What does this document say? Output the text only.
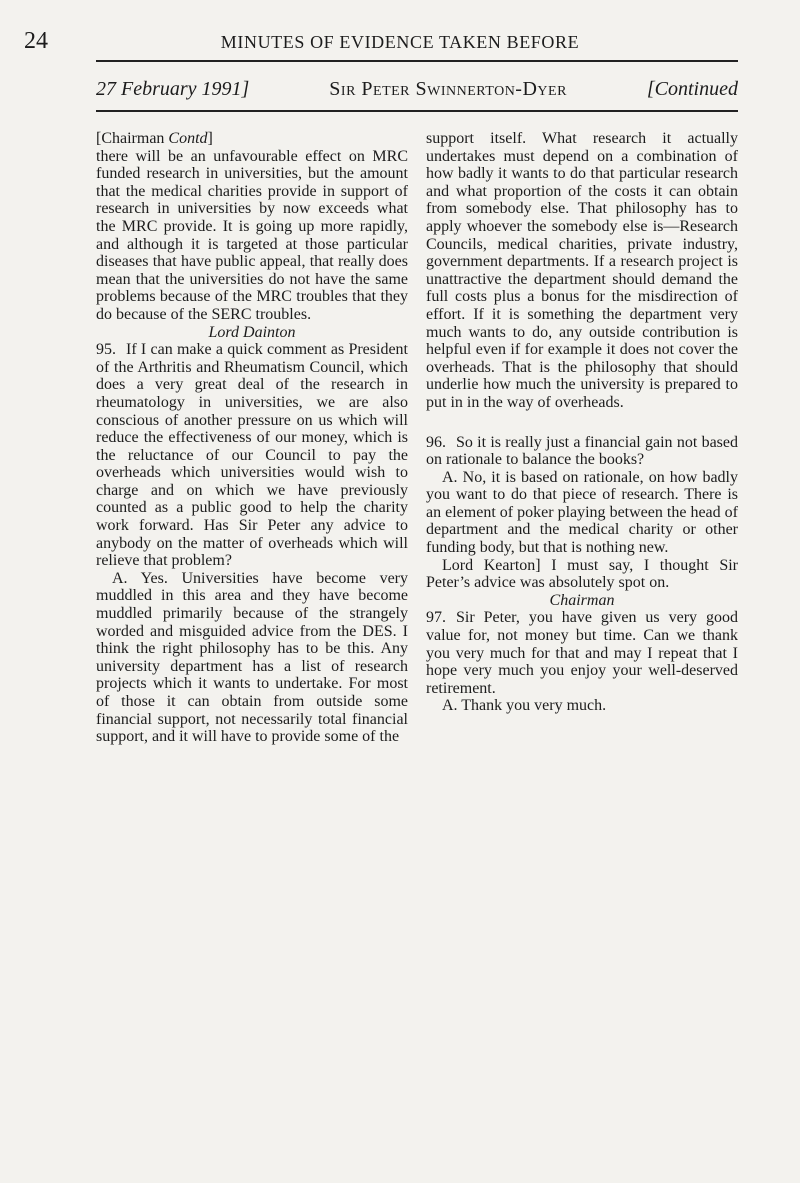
24	MINUTES OF EVIDENCE TAKEN BEFORE
27 February 1991]	Sir Peter Swinnerton-Dyer	[Continued

[Chairman Contd]

there will be an unfavourable effect on MRC funded research in universities, but the amount that the medical charities provide in support of research in universities by now exceeds what the MRC provide. It is going up more rapidly, and although it is targeted at those particular diseases that have public appeal, that really does mean that the universities do not have the same problems because of the MRC troubles that they do because of the SERC troubles.

Lord Dainton

95. If I can make a quick comment as President of the Arthritis and Rheumatism Council, which does a very great deal of the research in rheumatology in universities, we are also conscious of another pressure on us which will reduce the effectiveness of our money, which is the reluctance of our Council to pay the overheads which universities would wish to charge and on which we have previously counted as a public good to help the charity work forward. Has Sir Peter any advice to anybody on the matter of overheads which will relieve that problem?

A. Yes. Universities have become very muddled in this area and they have become muddled primarily because of the strangely worded and misguided advice from the DES. I think the right philosophy has to be this. Any university department has a list of research projects which it wants to undertake. For most of those it can obtain from outside some financial support, not necessarily total financial support, and it will have to provide some of the

support itself. What research it actually undertakes must depend on a combination of how badly it wants to do that particular research and what proportion of the costs it can obtain from somebody else. That philosophy has to apply whoever the somebody else is—Research Councils, medical charities, private industry, government departments. If a research project is unattractive the department should demand the full costs plus a bonus for the misdirection of effort. If it is something the department very much wants to do, any outside contribution is helpful even if for example it does not cover the overheads. That is the philosophy that should underlie how much the university is prepared to put in in the way of overheads.

96. So it is really just a financial gain not based on rationale to balance the books?

A. No, it is based on rationale, on how badly you want to do that piece of research. There is an element of poker playing between the head of department and the medical charity or other funding body, but that is nothing new.

Lord Kearton] I must say, I thought Sir Peter’s advice was absolutely spot on.

Chairman

97. Sir Peter, you have given us very good value for, not money but time. Can we thank you very much for that and may I repeat that I hope very much you enjoy your well-deserved retirement.

A. Thank you very much.
